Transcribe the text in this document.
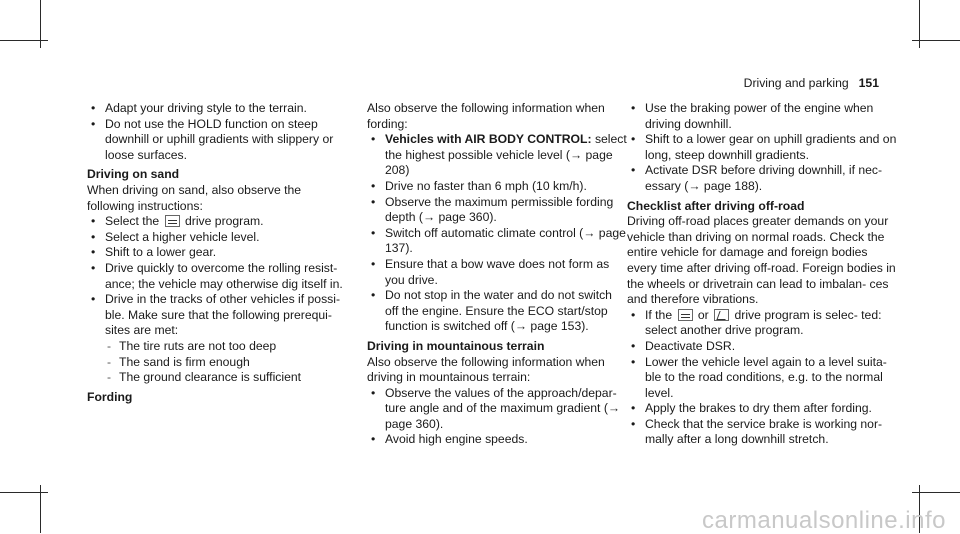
Driving and parking 151
• Adapt your driving style to the terrain.
• Do not use the HOLD function on steep downhill or uphill gradients with slippery or loose surfaces.
Driving on sand
When driving on sand, also observe the following instructions:
• Select the drive program.
• Select a higher vehicle level.
• Shift to a lower gear.
• Drive quickly to overcome the rolling resist- ance; the vehicle may otherwise dig itself in.
• Drive in the tracks of other vehicles if possi- ble. Make sure that the following prerequi- sites are met:
- The tire ruts are not too deep
- The sand is firm enough
- The ground clearance is sufficient
Fording
Also observe the following information when fording:
• Vehicles with AIR BODY CONTROL: select the highest possible vehicle level (→ page 208)
• Drive no faster than 6 mph (10 km/h).
• Observe the maximum permissible fording depth (→ page 360).
• Switch off automatic climate control (→ page 137).
• Ensure that a bow wave does not form as you drive.
• Do not stop in the water and do not switch off the engine. Ensure the ECO start/stop function is switched off (→ page 153).
Driving in mountainous terrain
Also observe the following information when driving in mountainous terrain:
• Observe the values of the approach/depar- ture angle and of the maximum gradient (→ page 360).
• Avoid high engine speeds.
• Use the braking power of the engine when driving downhill.
• Shift to a lower gear on uphill gradients and on long, steep downhill gradients.
• Activate DSR before driving downhill, if nec- essary (→ page 188).
Checklist after driving off-road
Driving off-road places greater demands on your vehicle than driving on normal roads. Check the entire vehicle for damage and foreign bodies every time after driving off-road. Foreign bodies in the wheels or drivetrain can lead to imbalan- ces and therefore vibrations.
• If the or drive program is selec- ted: select another drive program.
• Deactivate DSR.
• Lower the vehicle level again to a level suita- ble to the road conditions, e.g. to the normal level.
• Apply the brakes to dry them after fording.
• Check that the service brake is working nor- mally after a long downhill stretch.
carmanualsonline.info
